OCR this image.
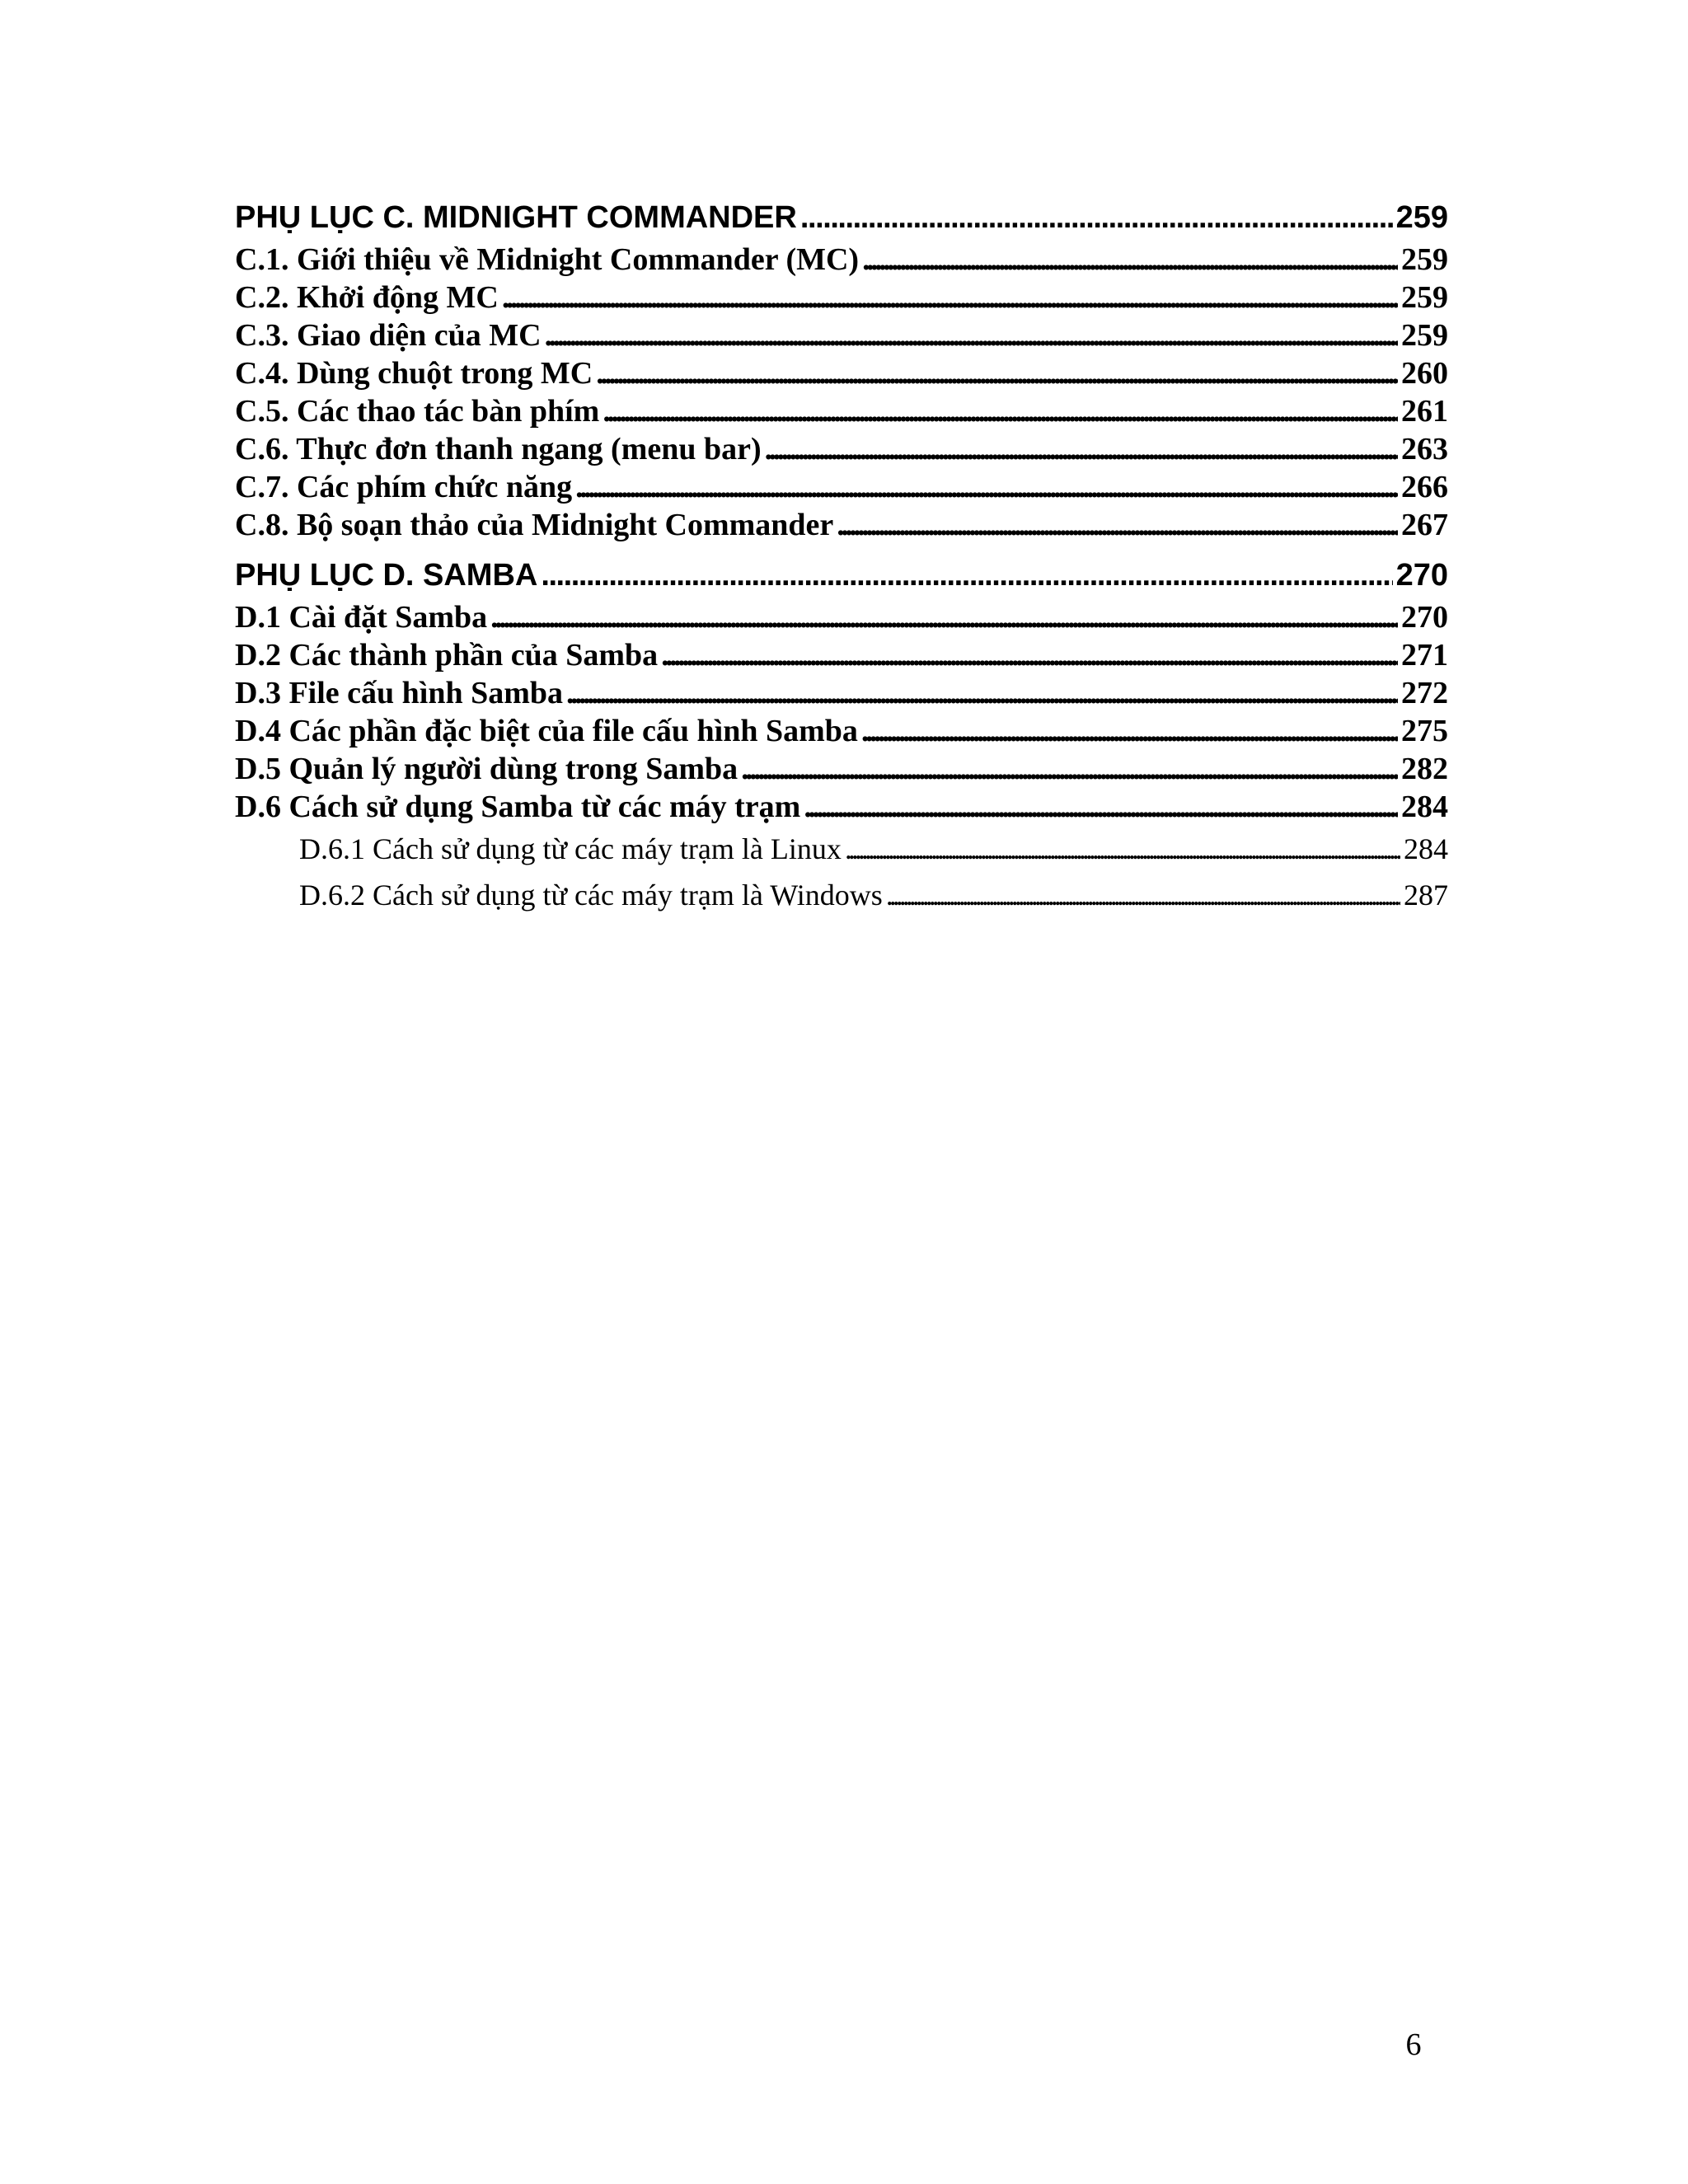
PHỤ LỤC C. MIDNIGHT COMMANDER . . .	259
C.1. Giới thiệu về Midnight Commander (MC) . . .	259
C.2. Khởi động MC . . .	259
C.3. Giao diện của MC . . .	259
C.4. Dùng chuột trong MC . . .	260
C.5. Các thao tác bàn phím . . .	261
C.6. Thực đơn thanh ngang (menu bar) . . .	263
C.7. Các phím chức năng . . .	266
C.8. Bộ soạn thảo của Midnight Commander . . .	267
PHỤ LỤC D. SAMBA . . .	270
D.1 Cài đặt Samba . . .	270
D.2 Các thành phần của Samba . . .	271
D.3 File cấu hình Samba . . .	272
D.4 Các phần đặc biệt của file cấu hình Samba . . .	275
D.5 Quản lý người dùng trong Samba . . .	282
D.6 Cách sử dụng Samba từ các máy trạm . . .	284
D.6.1 Cách sử dụng từ các máy trạm là Linux . . .	284
D.6.2 Cách sử dụng từ các máy trạm là Windows . . .	287
6
